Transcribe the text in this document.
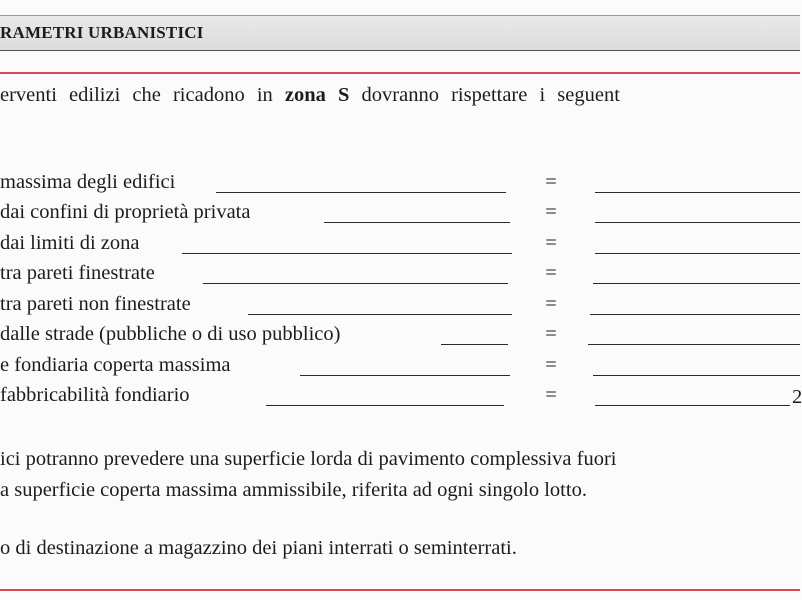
RAMETRI URBANISTICI
erventi edilizi che ricadono in zona S dovranno rispettare i seguent
massima degli edifici	=
dai confini di proprietà privata	=
dai limiti di zona	=
tra pareti finestrate	=
tra pareti non finestrate	=
dalle strade (pubbliche o di uso pubblico)	=
e fondiaria coperta massima	=
fabbricabilità fondiario	=	2
ici potranno prevedere una superficie lorda di pavimento complessiva fuori
a superficie coperta massima ammissibile, riferita ad ogni singolo lotto.
o di destinazione a magazzino dei piani interrati o seminterrati.
